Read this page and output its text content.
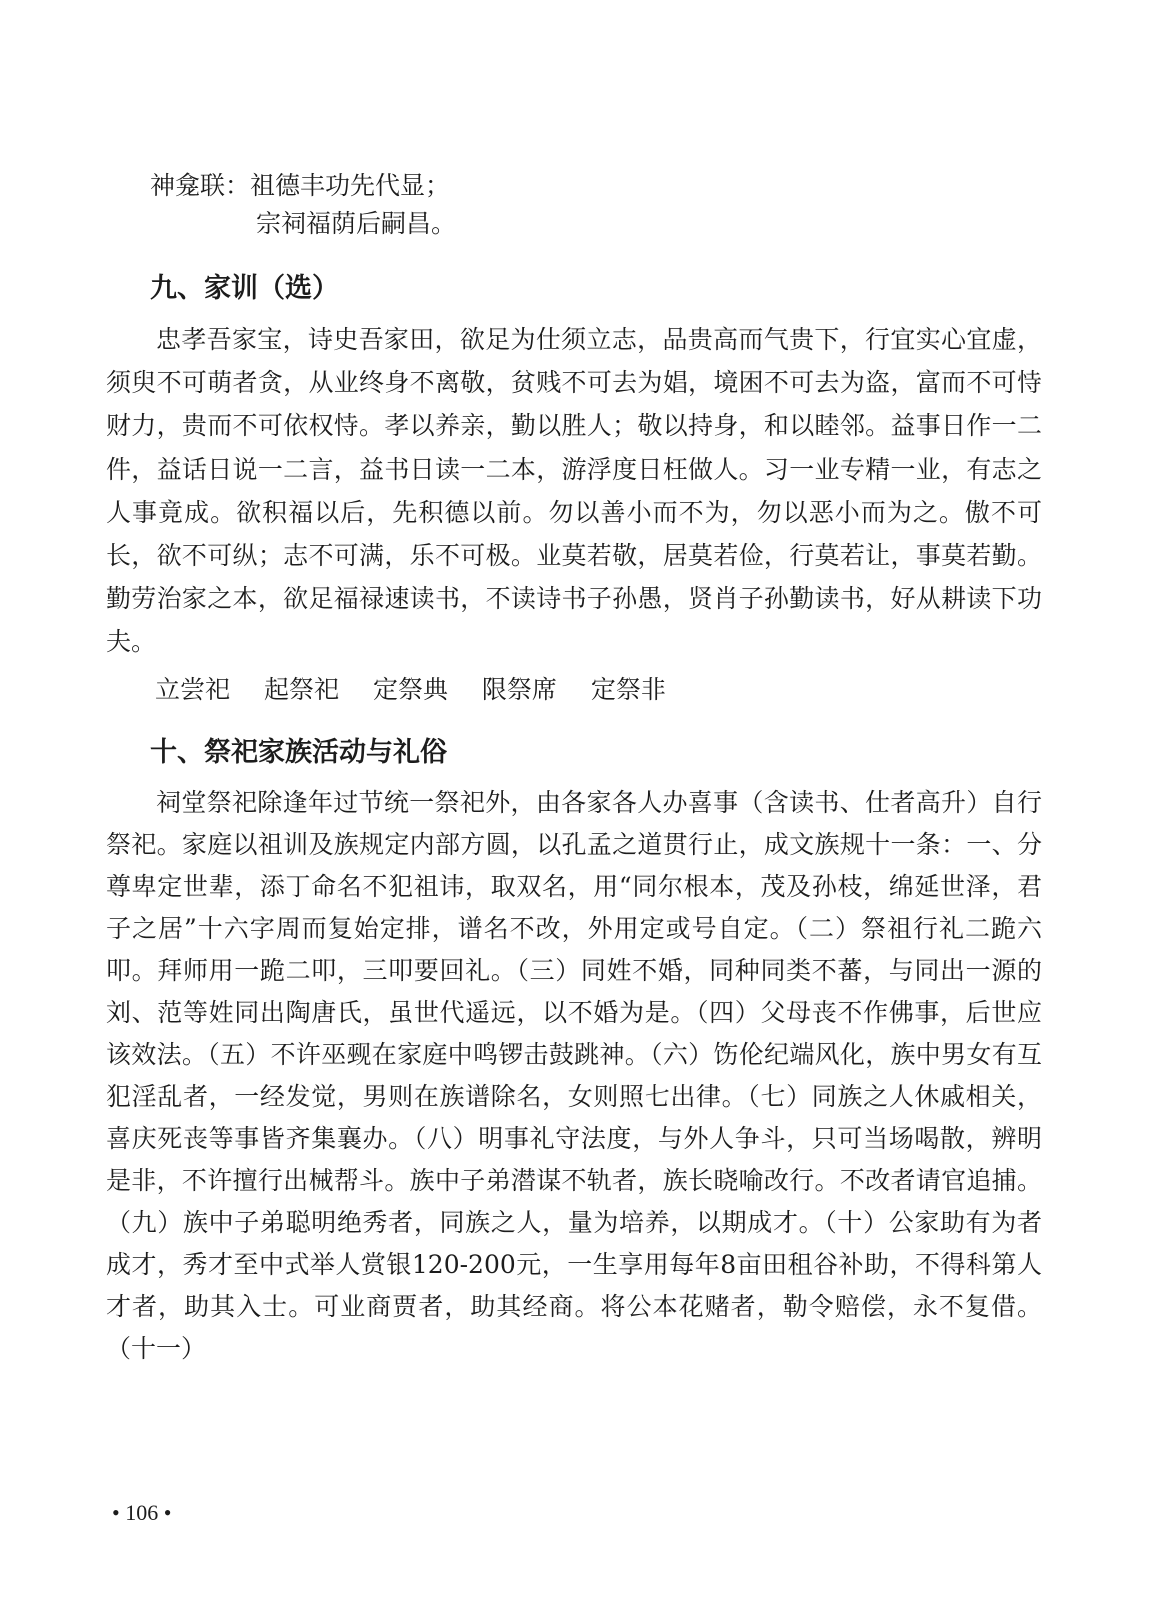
神龛联：祖德丰功先代显；
宗祠福荫后嗣昌。
九、家训（选）
忠孝吾家宝，诗史吾家田，欲足为仕须立志，品贵高而气贵下，行宜实心宜虚，须臾不可萌者贪，从业终身不离敬，贫贱不可去为娼，境困不可去为盗，富而不可恃财力，贵而不可依权恃。孝以养亲，勤以胜人；敬以持身，和以睦邻。益事日作一二件，益话日说一二言，益书日读一二本，游浮度日枉做人。习一业专精一业，有志之人事竟成。欲积福以后，先积德以前。勿以善小而不为，勿以恶小而为之。傲不可长，欲不可纵；志不可满，乐不可极。业莫若敬，居莫若俭，行莫若让，事莫若勤。勤劳治家之本，欲足福禄速读书，不读诗书子孙愚，贤肖子孙勤读书，好从耕读下功夫。
立尝祀 起祭祀 定祭典 限祭席 定祭非
十、祭祀家族活动与礼俗
祠堂祭祀除逢年过节统一祭祀外，由各家各人办喜事（含读书、仕者高升）自行祭祀。家庭以祖训及族规定内部方圆，以孔孟之道贯行止，成文族规十一条：一、分尊卑定世辈，添丁命名不犯祖讳，取双名，用“同尔根本，茂及孙枝，绵延世泽，君子之居”十六字周而复始定排，谱名不改，外用定或号自定。（二）祭祖行礼二跪六叩。拜师用一跪二叩，三叩要回礼。（三）同姓不婚，同种同类不蕃，与同出一源的刘、范等姓同出陶唐氏，虽世代遥远，以不婚为是。（四）父母丧不作佛事，后世应该效法。（五）不许巫觋在家庭中鸣锣击鼓跳神。（六）饬伦纪端风化，族中男女有互犯淫乱者，一经发觉，男则在族谱除名，女则照七出律。（七）同族之人休戚相关，喜庆死丧等事皆齐集襄办。（八）明事礼守法度，与外人争斗，只可当场喝散，辨明是非，不许擅行出械帮斗。族中子弟潜谋不轨者，族长晓喻改行。不改者请官追捕。（九）族中子弟聪明绝秀者，同族之人，量为培养，以期成才。（十）公家助有为者成才，秀才至中式举人赏银120-200元，一生享用每年8亩田租谷补助，不得科第人才者，助其入士。可业商贾者，助其经商。将公本花赌者，勒令赔偿，永不复借。（十一）
• 106 •
